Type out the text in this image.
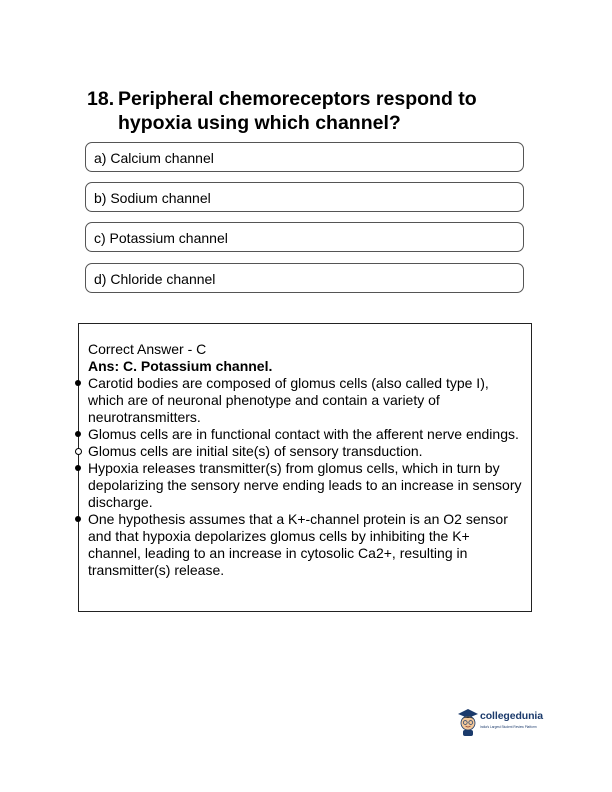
18. Peripheral chemoreceptors respond to hypoxia using which channel?
a) Calcium channel
b) Sodium channel
c) Potassium channel
d) Chloride channel

Correct Answer - C

Ans: C. Potassium channel.

Carotid bodies are composed of glomus cells (also called type I), which are of neuronal phenotype and contain a variety of neurotransmitters.
Glomus cells are in functional contact with the afferent nerve endings.
Glomus cells are initial site(s) of sensory transduction.
Hypoxia releases transmitter(s) from glomus cells, which in turn by depolarizing the sensory nerve ending leads to an increase in sensory discharge.
One hypothesis assumes that a K+-channel protein is an O2 sensor and that hypoxia depolarizes glomus cells by inhibiting the K+ channel, leading to an increase in cytosolic Ca2+, resulting in transmitter(s) release.
collegedunia
India's Largest Student Review Platform
